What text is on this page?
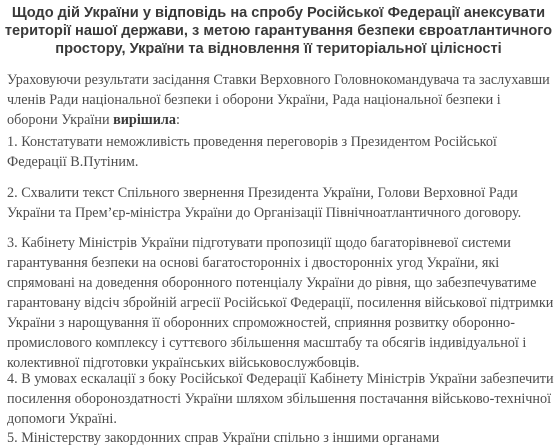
Щодо дій України у відповідь на спробу Російської Федерації анексувати території нашої держави, з метою гарантування безпеки євроатлантичного простору, України та відновлення її територіальної цілісності

Ураховуючи результати засідання Ставки Верховного Головнокомандувача та заслухавши членів Ради національної безпеки і оборони України, Рада національної безпеки і оборони України вирішила:

1. Констатувати неможливість проведення переговорів з Президентом Російської Федерації В.Путіним.

2. Схвалити текст Спільного звернення Президента України, Голови Верховної Ради України та Прем’єр-міністра України до Організації Північноатлантичного договору.

3. Кабінету Міністрів України підготувати пропозиції щодо багаторівневої системи гарантування безпеки на основі багатосторонніх і двосторонніх угод України, які спрямовані на доведення оборонного потенціалу України до рівня, що забезпечуватиме гарантовану відсіч збройній агресії Російської Федерації, посилення військової підтримки України з нарощування її оборонних спроможностей, сприяння розвитку оборонно-промислового комплексу і суттєвого збільшення масштабу та обсягів індивідуальної і колективної підготовки українських військовослужбовців.

4. В умовах ескалації з боку Російської Федерації Кабінету Міністрів України забезпечити посилення обороноздатності України шляхом збільшення постачання військово-технічної допомоги Україні.

5. Міністерству закордонних справ України спільно з іншими органами
